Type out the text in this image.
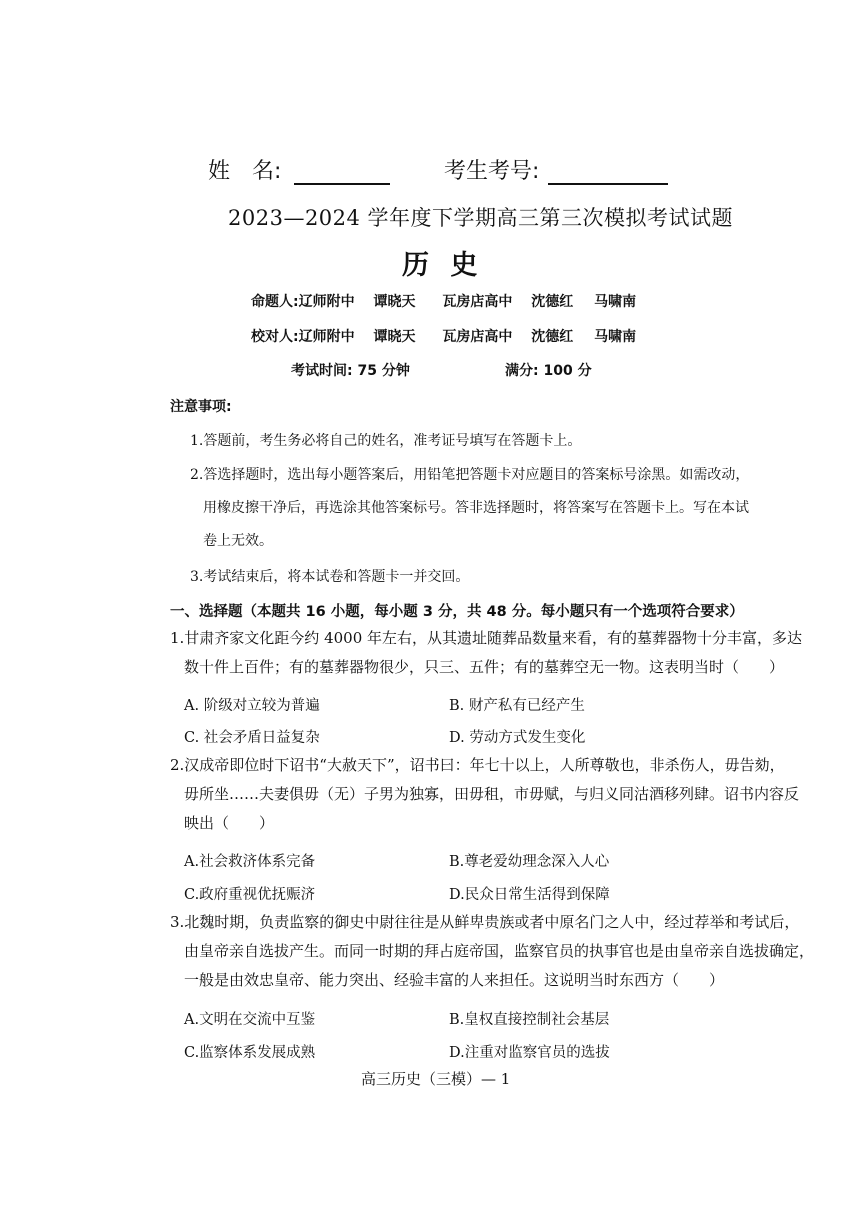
姓　名:	考生考号:
2023—2024 学年度下学期高三第三次模拟考试试题
历 史
命题人:辽师附中 谭晓天 瓦房店高中 沈德红 马啸南
校对人:辽师附中 谭晓天 瓦房店高中 沈德红 马啸南
考试时间: 75 分钟	满分: 100 分
注意事项:
1.答题前，考生务必将自己的姓名，准考证号填写在答题卡上。
2.答选择题时，选出每小题答案后，用铅笔把答题卡对应题目的答案标号涂黑。如需改动，
用橡皮擦干净后，再选涂其他答案标号。答非选择题时，将答案写在答题卡上。写在本试
卷上无效。
3.考试结束后，将本试卷和答题卡一并交回。
一、选择题（本题共 16 小题，每小题 3 分，共 48 分。每小题只有一个选项符合要求）
1.甘肃齐家文化距今约 4000 年左右，从其遗址随葬品数量来看，有的墓葬器物十分丰富，多达
数十件上百件；有的墓葬器物很少，只三、五件；有的墓葬空无一物。这表明当时（　　）
A. 阶级对立较为普遍	B. 财产私有已经产生
C. 社会矛盾日益复杂	D. 劳动方式发生变化
2.汉成帝即位时下诏书“大赦天下”，诏书曰：年七十以上，人所尊敬也，非杀伤人，毋告劾，
毋所坐……夫妻俱毋（无）子男为独寡，田毋租，市毋赋，与归义同沽酒移列肆。诏书内容反
映出（　　）
A.社会救济体系完备	B.尊老爱幼理念深入人心
C.政府重视优抚赈济	D.民众日常生活得到保障
3.北魏时期，负责监察的御史中尉往往是从鲜卑贵族或者中原名门之人中，经过荐举和考试后，
由皇帝亲自选拔产生。而同一时期的拜占庭帝国，监察官员的执事官也是由皇帝亲自选拔确定，
一般是由效忠皇帝、能力突出、经验丰富的人来担任。这说明当时东西方（　　）
A.文明在交流中互鉴	B.皇权直接控制社会基层
C.监察体系发展成熟	D.注重对监察官员的选拔
高三历史（三模）— 1
